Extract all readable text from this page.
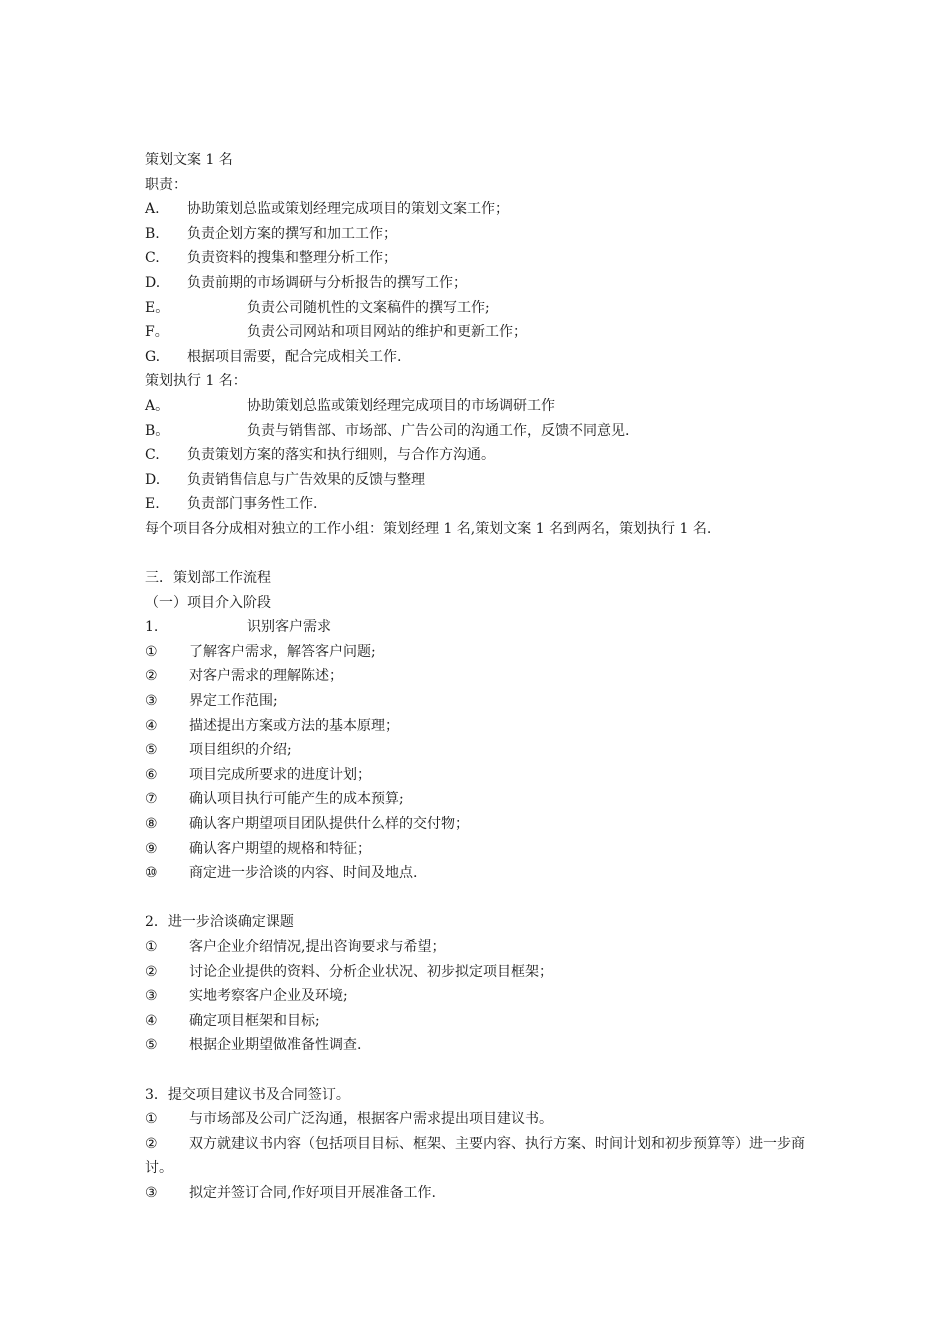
策划文案 1 名
职责：
A. 协助策划总监或策划经理完成项目的策划文案工作；
B. 负责企划方案的撰写和加工工作；
C. 负责资料的搜集和整理分析工作；
D. 负责前期的市场调研与分析报告的撰写工作；
E。	负责公司随机性的文案稿件的撰写工作;
F。	负责公司网站和项目网站的维护和更新工作；
G. 根据项目需要，配合完成相关工作.
策划执行 1 名：
A。	协助策划总监或策划经理完成项目的市场调研工作
B。	负责与销售部、市场部、广告公司的沟通工作，反馈不同意见.
C. 负责策划方案的落实和执行细则，与合作方沟通。
D. 负责销售信息与广告效果的反馈与整理
E. 负责部门事务性工作.
每个项目各分成相对独立的工作小组：策划经理 1 名,策划文案 1 名到两名，策划执行 1 名.
三．策划部工作流程
（一）项目介入阶段
1.	识别客户需求
① 了解客户需求，解答客户问题;
② 对客户需求的理解陈述；
③ 界定工作范围;
④ 描述提出方案或方法的基本原理；
⑤ 项目组织的介绍;
⑥ 项目完成所要求的进度计划；
⑦ 确认项目执行可能产生的成本预算;
⑧ 确认客户期望项目团队提供什么样的交付物；
⑨ 确认客户期望的规格和特征；
⑩ 商定进一步洽谈的内容、时间及地点.
2．进一步洽谈确定课题
① 客户企业介绍情况,提出咨询要求与希望；
② 讨论企业提供的资料、分析企业状况、初步拟定项目框架；
③ 实地考察客户企业及环境;
④ 确定项目框架和目标;
⑤ 根据企业期望做准备性调查.
3．提交项目建议书及合同签订。
① 与市场部及公司广泛沟通，根据客户需求提出项目建议书。
② 双方就建议书内容（包括项目目标、框架、主要内容、执行方案、时间计划和初步预算等）进一步商讨。
③ 拟定并签订合同,作好项目开展准备工作.
